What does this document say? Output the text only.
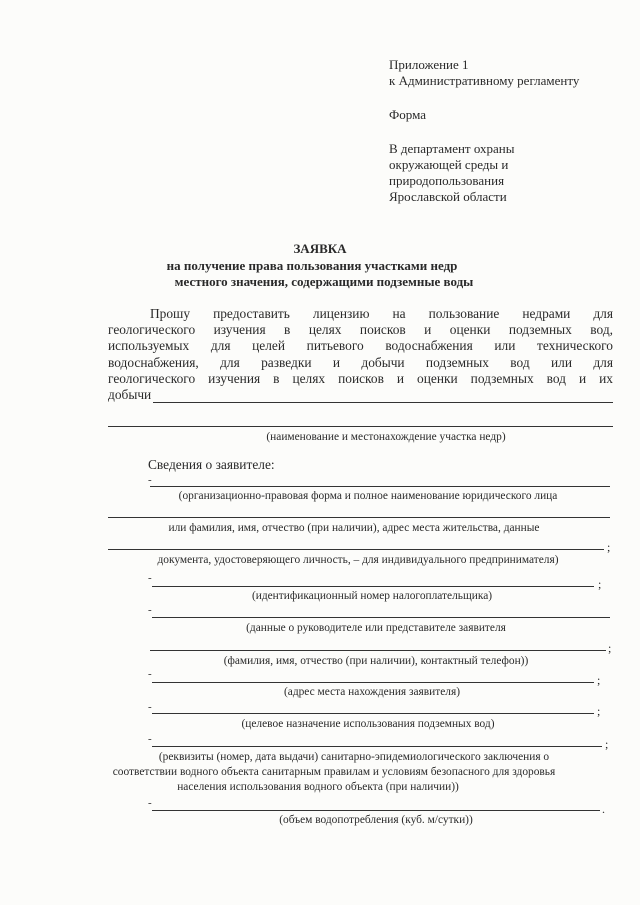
Приложение 1
к Административному регламенту
Форма
В департамент охраны
окружающей среды и
природопользования
Ярославской области
ЗАЯВКА
на получение права пользования участками недр
местного значения, содержащими подземные воды
Прошу предоставить лицензию на пользование недрами для
геологического изучения в целях поисков и оценки подземных вод,
используемых для целей питьевого водоснабжения или технического
водоснабжения, для разведки и добычи подземных вод или для
геологического изучения в целях поисков и оценки подземных вод и их
добычи
(наименование и местонахождение участка недр)
Сведения о заявителе:
-
(организационно-правовая форма и полное наименование юридического лица
или фамилия, имя, отчество (при наличии), адрес места жительства, данные
;
документа, удостоверяющего личность, – для индивидуального предпринимателя)
-	;
(идентификационный номер налогоплательщика)
-
(данные о руководителе или представителе заявителя
;
(фамилия, имя, отчество (при наличии), контактный телефон))
-	;
(адрес места нахождения заявителя)
-	;
(целевое назначение использования подземных вод)
-	;
(реквизиты (номер, дата выдачи) санитарно-эпидемиологического заключения о
соответствии водного объекта санитарным правилам и условиям безопасного для здоровья
населения использования водного объекта (при наличии))
-	.
(объем водопотребления (куб. м/сутки))
